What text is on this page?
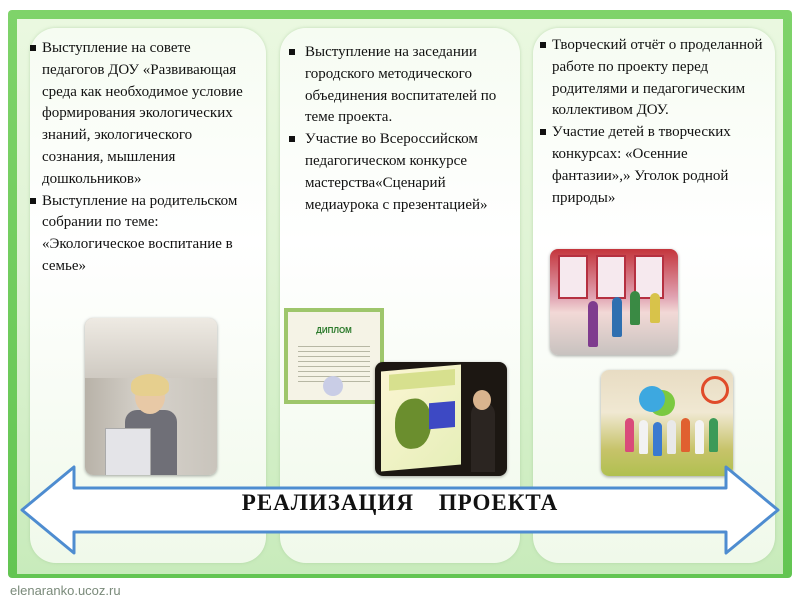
Выступление на совете педагогов ДОУ «Развивающая среда как необходимое условие формирования экологических знаний, экологического сознания, мышления дошкольников»
Выступление на родительском собрании по теме: «Экологическое воспитание в семье»
Выступление на заседании городского методического объединения воспитателей по теме проекта.
Участие во Всероссийском педагогическом конкурсе мастерства«Сценарий медиаурока с презентацией»
Творческий отчёт о проделанной работе по проекту перед родителями и педагогическим коллективом ДОУ.
Участие детей в творческих конкурсах: «Осенние фантазии»,» Уголок родной природы»
ДИПЛОМ
РЕАЛИЗАЦИЯ ПРОЕКТА
elenaranko.ucoz.ru
